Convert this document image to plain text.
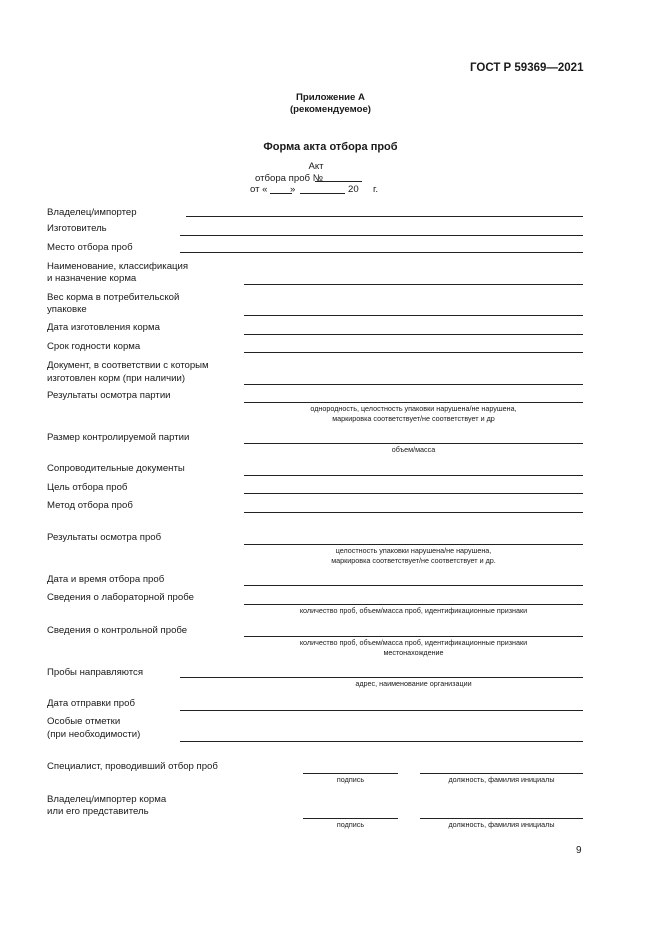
ГОСТ Р 59369—2021
Приложение А
(рекомендуемое)
Форма акта отбора проб
Акт
отбора проб №
от « »	20 г.
Владелец/импортер
Изготовитель
Место отбора проб
Наименование, классификация
и назначение корма
Вес корма в потребительской
упаковке
Дата изготовления корма
Срок годности корма
Документ, в соответствии с которым
изготовлен корм (при наличии)
Результаты осмотра партии
однородность, целостность упаковки нарушена/не нарушена,
маркировка соответствует/не соответствует и др
Размер контролируемой партии
объем/масса
Сопроводительные документы
Цель отбора проб
Метод отбора проб
Результаты осмотра проб
целостность упаковки нарушена/не нарушена,
маркировка соответствует/не соответствует и др.
Дата и время отбора проб
Сведения о лабораторной пробе
количество проб, объем/масса проб, идентификационные признаки
Сведения о контрольной пробе
количество проб, объем/масса проб, идентификационные признаки
местонахождение
Пробы направляются
адрес, наименование организации
Дата отправки проб
Особые отметки
(при необходимости)
Специалист, проводивший отбор проб
подпись	должность, фамилия инициалы
Владелец/импортер корма
или его представитель
подпись	должность, фамилия инициалы
9
